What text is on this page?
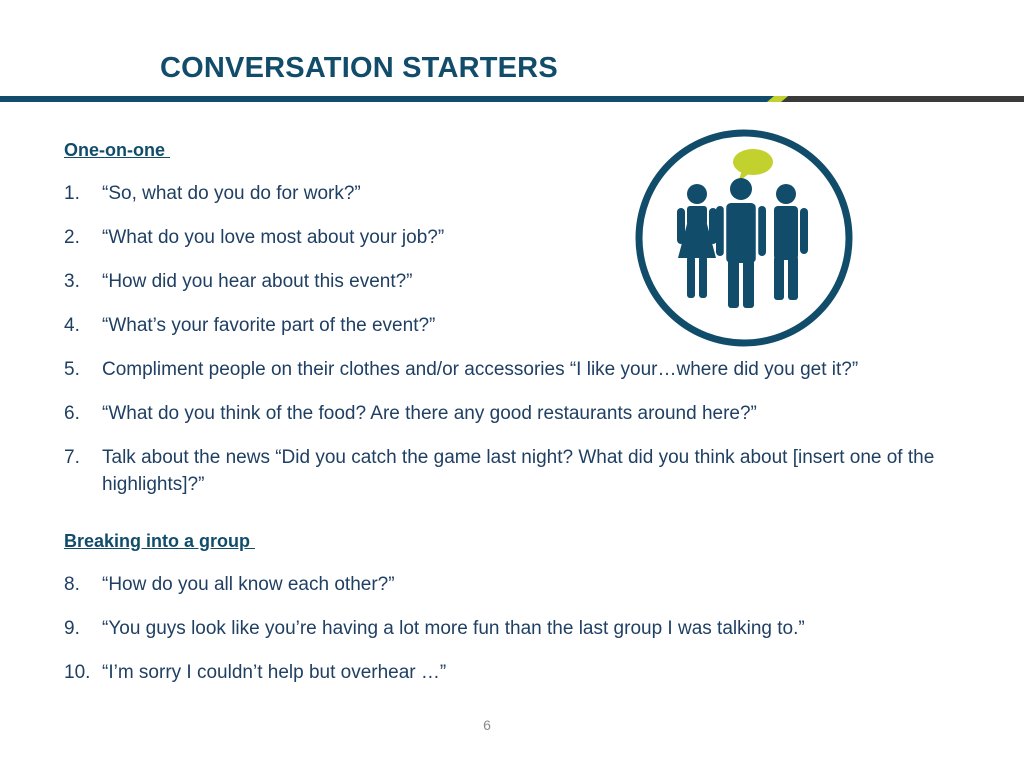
CONVERSATION STARTERS
One-on-one
1.	“So, what do you do for work?”
2.	“What do you love most about your job?”
3.	“How did you hear about this event?”
4.	“What’s your favorite part of the event?”
5.	Compliment people on their clothes and/or accessories “I like your…where did you get it?”
6.	“What do you think of the food? Are there any good restaurants around here?”
7.	Talk about the news “Did you catch the game last night? What did you think about [insert one of the highlights]?”
Breaking into a group
8.	“How do you all know each other?”
9.	“You guys look like you’re having a lot more fun than the last group I was talking to.”
10. “I’m sorry I couldn’t help but overhear …”
6
